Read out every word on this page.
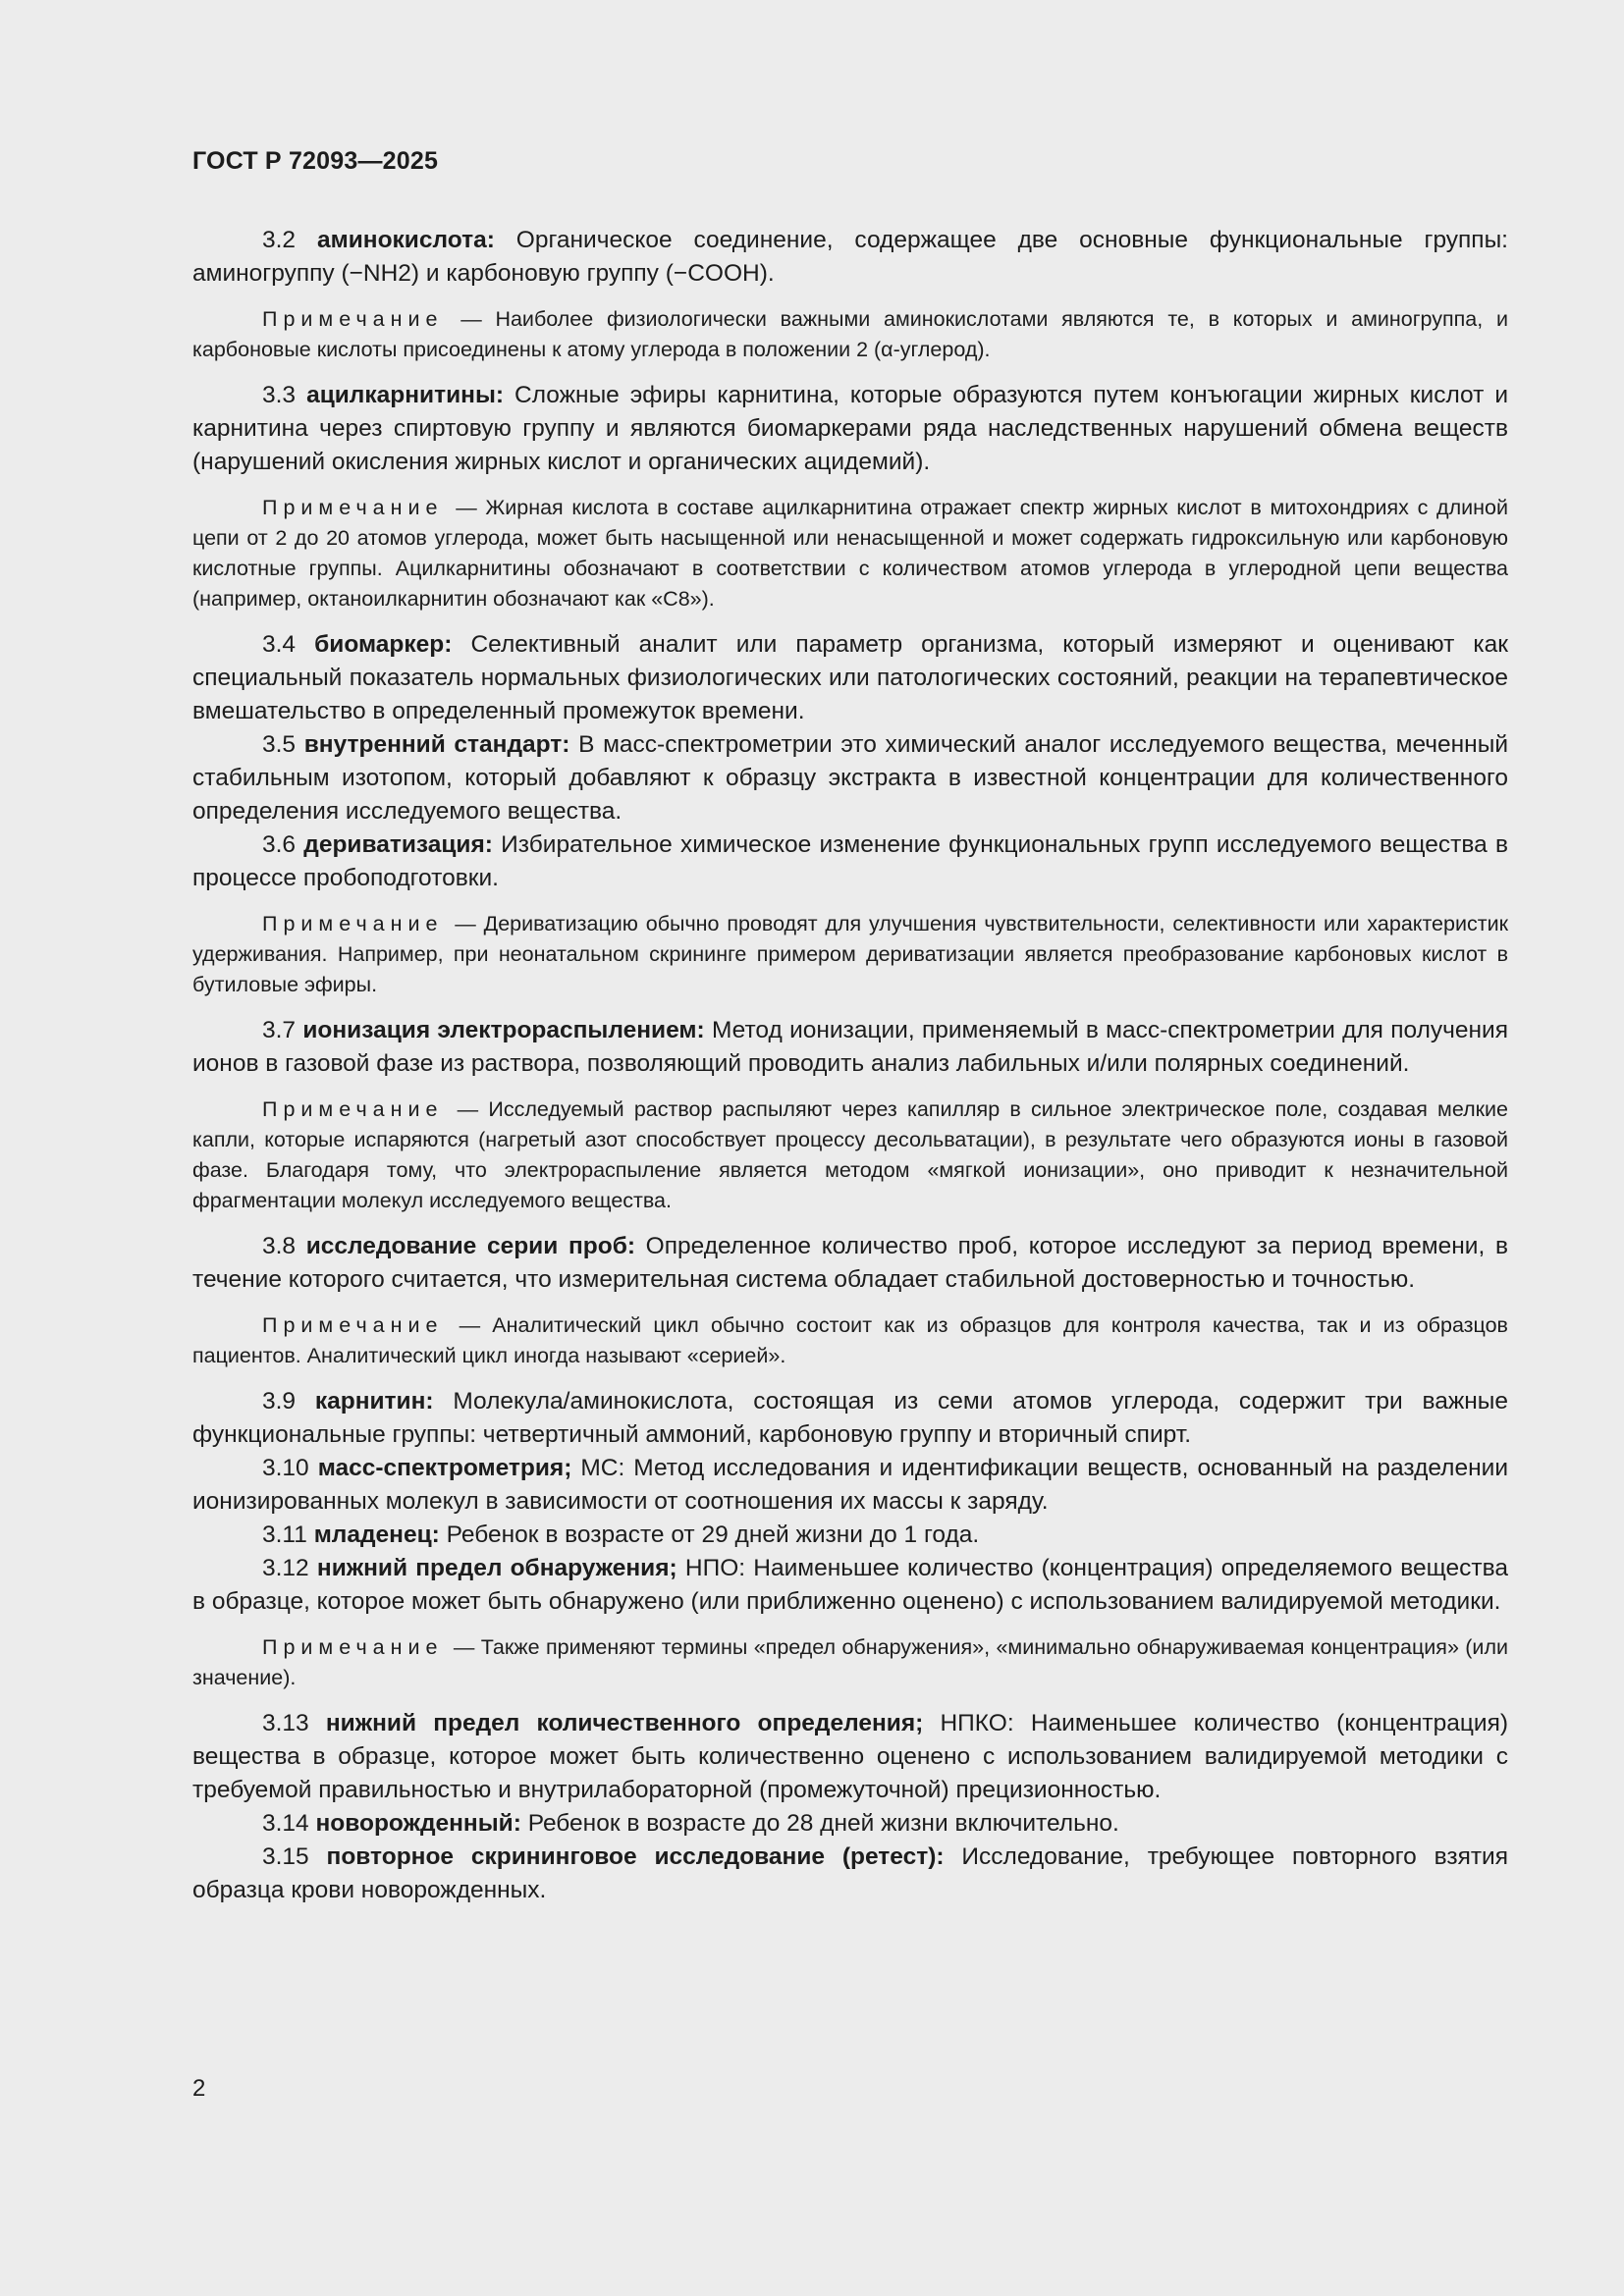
ГОСТ Р 72093—2025

3.2 аминокислота: Органическое соединение, содержащее две основные функциональные группы: аминогруппу (−NH2) и карбоновую группу (−COOH).

Примечание — Наиболее физиологически важными аминокислотами являются те, в которых и аминогруппа, и карбоновые кислоты присоединены к атому углерода в положении 2 (α-углерод).

3.3 ацилкарнитины: Сложные эфиры карнитина, которые образуются путем конъюгации жирных кислот и карнитина через спиртовую группу и являются биомаркерами ряда наследственных нарушений обмена веществ (нарушений окисления жирных кислот и органических ацидемий).

Примечание — Жирная кислота в составе ацилкарнитина отражает спектр жирных кислот в митохондриях с длиной цепи от 2 до 20 атомов углерода, может быть насыщенной или ненасыщенной и может содержать гидроксильную или карбоновую кислотные группы. Ацилкарнитины обозначают в соответствии с количеством атомов углерода в углеродной цепи вещества (например, октаноилкарнитин обозначают как «C8»).

3.4 биомаркер: Селективный аналит или параметр организма, который измеряют и оценивают как специальный показатель нормальных физиологических или патологических состояний, реакции на терапевтическое вмешательство в определенный промежуток времени.

3.5 внутренний стандарт: В масс-спектрометрии это химический аналог исследуемого вещества, меченный стабильным изотопом, который добавляют к образцу экстракта в известной концентрации для количественного определения исследуемого вещества.

3.6 дериватизация: Избирательное химическое изменение функциональных групп исследуемого вещества в процессе пробоподготовки.

Примечание — Дериватизацию обычно проводят для улучшения чувствительности, селективности или характеристик удерживания. Например, при неонатальном скрининге примером дериватизации является преобразование карбоновых кислот в бутиловые эфиры.

3.7 ионизация электрораспылением: Метод ионизации, применяемый в масс-спектрометрии для получения ионов в газовой фазе из раствора, позволяющий проводить анализ лабильных и/или полярных соединений.

Примечание — Исследуемый раствор распыляют через капилляр в сильное электрическое поле, создавая мелкие капли, которые испаряются (нагретый азот способствует процессу десольватации), в результате чего образуются ионы в газовой фазе. Благодаря тому, что электрораспыление является методом «мягкой ионизации», оно приводит к незначительной фрагментации молекул исследуемого вещества.

3.8 исследование серии проб: Определенное количество проб, которое исследуют за период времени, в течение которого считается, что измерительная система обладает стабильной достоверностью и точностью.

Примечание — Аналитический цикл обычно состоит как из образцов для контроля качества, так и из образцов пациентов. Аналитический цикл иногда называют «серией».

3.9 карнитин: Молекула/аминокислота, состоящая из семи атомов углерода, содержит три важные функциональные группы: четвертичный аммоний, карбоновую группу и вторичный спирт.

3.10 масс-спектрометрия; МС: Метод исследования и идентификации веществ, основанный на разделении ионизированных молекул в зависимости от соотношения их массы к заряду.

3.11 младенец: Ребенок в возрасте от 29 дней жизни до 1 года.

3.12 нижний предел обнаружения; НПО: Наименьшее количество (концентрация) определяемого вещества в образце, которое может быть обнаружено (или приближенно оценено) с использованием валидируемой методики.

Примечание — Также применяют термины «предел обнаружения», «минимально обнаруживаемая концентрация» (или значение).

3.13 нижний предел количественного определения; НПКО: Наименьшее количество (концентрация) вещества в образце, которое может быть количественно оценено с использованием валидируемой методики с требуемой правильностью и внутрилабораторной (промежуточной) прецизионностью.

3.14 новорожденный: Ребенок в возрасте до 28 дней жизни включительно.

3.15 повторное скрининговое исследование (ретест): Исследование, требующее повторного взятия образца крови новорожденных.

2
